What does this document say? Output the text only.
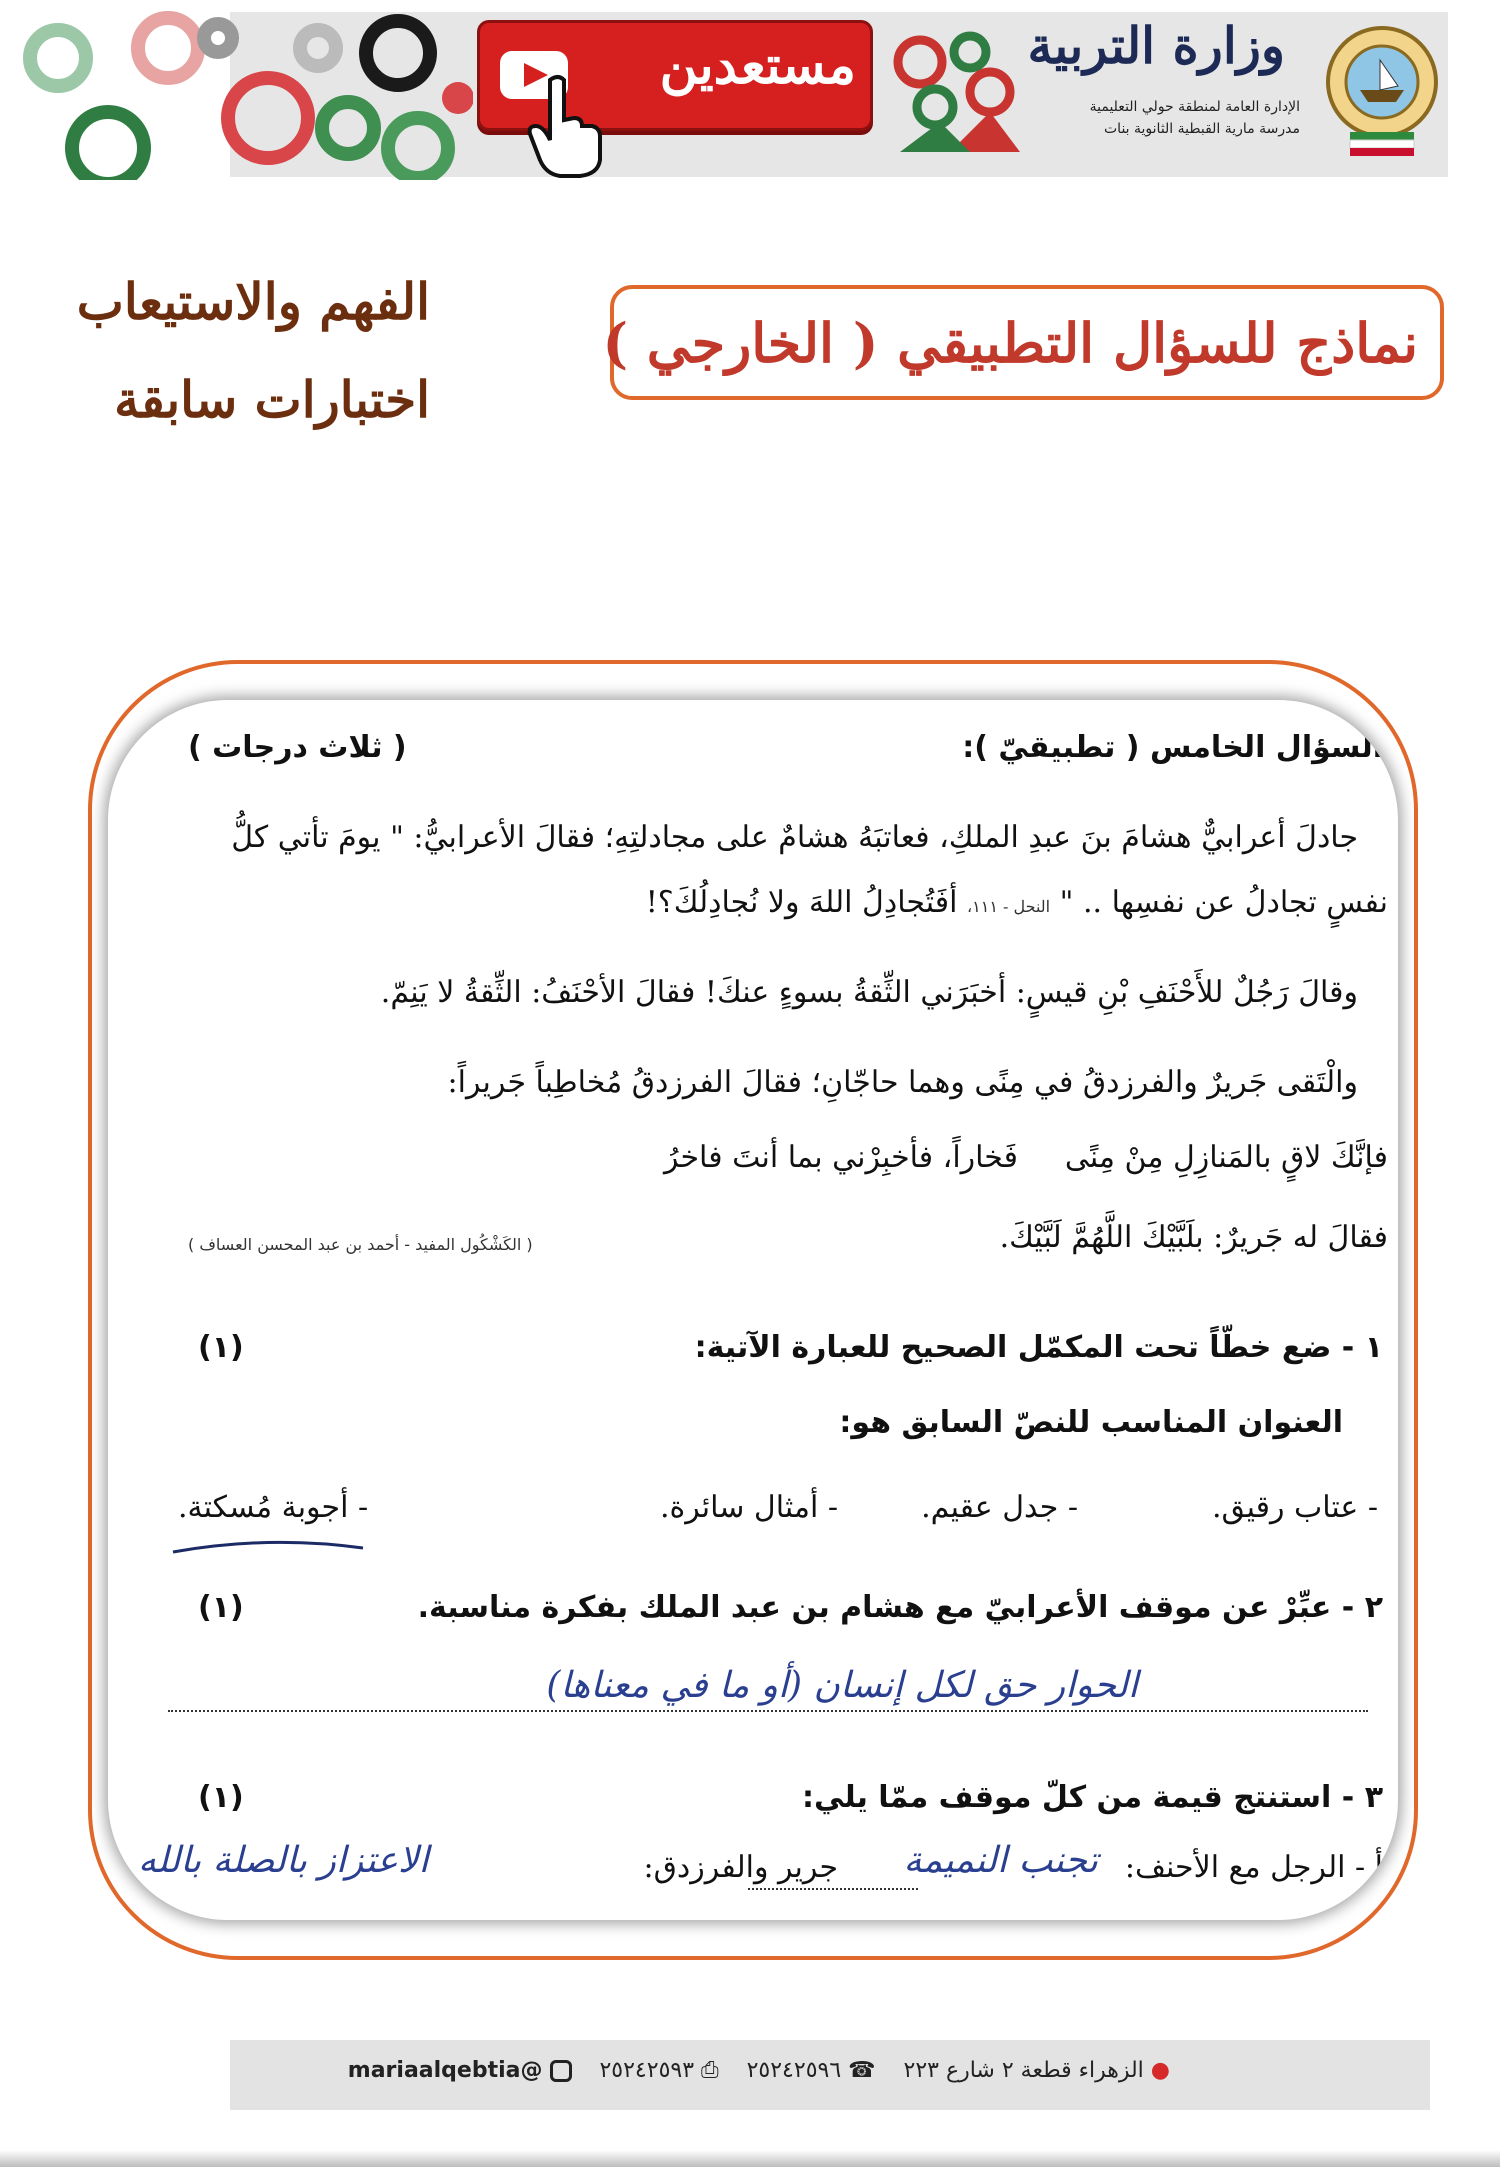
مستعدين	وزارة التربية
الإدارة العامة لمنطقة حولي التعليمية
مدرسة مارية القبطية الثانوية بنات
نماذج للسؤال التطبيقي ( الخارجي )
الفهم والاستيعاب
اختبارات سابقة
السؤال الخامس ( تطبيقيّ ):
( ثلاث درجات )
جادلَ أعرابيٌّ هشامَ بنَ عبدِ الملكِ، فعاتبَهُ هشامٌ على مجادلتِهِ؛ فقالَ الأعرابيُّ: " يومَ تأتي كلُّ
نفسٍ تجادلُ عن نفسِها .. " النحل - ١١١، أفَتُجادِلُ اللهَ ولا نُجادِلُكَ؟!
وقالَ رَجُلٌ للأَحْنَفِ بْنِ قيسٍ: أخبَرَني الثِّقةُ بسوءٍ عنكَ! فقالَ الأحْنَفُ: الثِّقةُ لا يَنِمّ.
والْتَقى جَريرٌ والفرزدقُ في مِنًى وهما حاجّانِ؛ فقالَ الفرزدقُ مُخاطِباً جَريراً:
فإنَّكَ لاقٍ بالمَنازِلِ مِنْ مِنًى
فَخاراً، فأخبِرْني بما أنتَ فاخرُ
فقالَ له جَريرٌ: بلَبَّيْكَ اللَّهُمَّ لَبَّيْكَ.
( الكَشْكُول المفيد - أحمد بن عبد المحسن العساف )
١ - ضع خطّاً تحت المكمّل الصحيح للعبارة الآتية:
(١)
العنوان المناسب للنصّ السابق هو:
- عتاب رقيق.
- جدل عقيم.
- أمثال سائرة.
- أجوبة مُسكتة.
٢ - عبِّرْ عن موقف الأعرابيّ مع هشام بن عبد الملك بفكرة مناسبة.
(١)
الحوار حق لكل إنسان (أو ما في معناها)
٣ - استنتج قيمة من كلّ موقف ممّا يلي:
(١)
أ - الرجل مع الأحنف:
تجنب النميمة
جرير والفرزدق:
الاعتزاز بالصلة بالله
● الزهراء قطعة ٢ شارع ٢٢٣    ☎ ٢٥٢٤٢٥٩٦    ⎙ ٢٥٢٤٢٥٩٣     @mariaalqebtia
